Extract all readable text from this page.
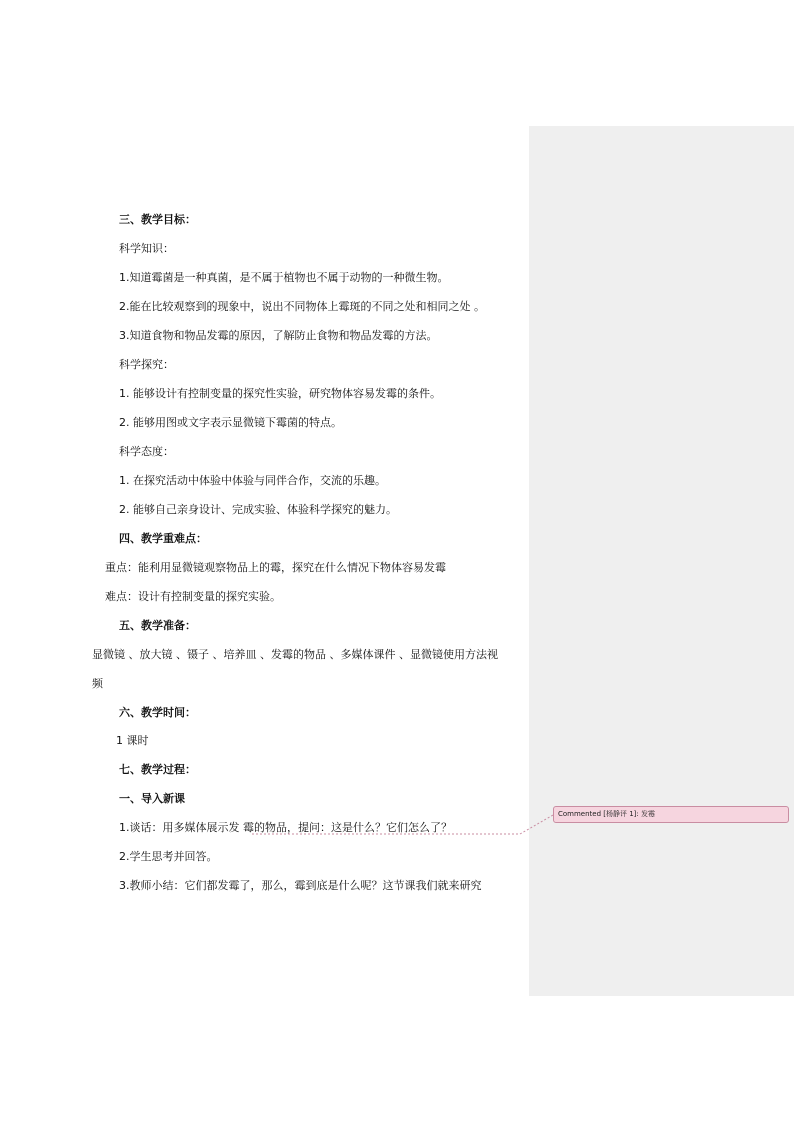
三、教学目标：
科学知识：
1.知道霉菌是一种真菌，是不属于植物也不属于动物的一种微生物。
2.能在比较观察到的现象中，说出不同物体上霉斑的不同之处和相同之处 。
3.知道食物和物品发霉的原因，了解防止食物和物品发霉的方法。
科学探究：
1. 能够设计有控制变量的探究性实验，研究物体容易发霉的条件。
2. 能够用图或文字表示显微镜下霉菌的特点。
科学态度：
1. 在探究活动中体验中体验与同伴合作，交流的乐趣。
2. 能够自己亲身设计、完成实验、体验科学探究的魅力。
四、教学重难点：
重点：能利用显微镜观察物品上的霉，探究在什么情况下物体容易发霉
难点：设计有控制变量的探究实验。
五、教学准备：
显微镜 、放大镜 、镊子 、培养皿 、发霉的物品 、多媒体课件 、显微镜使用方法视
频
六、教学时间：
1 课时
七、教学过程：
一、导入新课
1.谈话：用多媒体展示发 霉的物品，提问：这是什么？它们怎么了？
2.学生思考并回答。
3.教师小结：它们都发霉了，那么，霉到底是什么呢？这节课我们就来研究
Commented [杨静评 1]: 发霉
